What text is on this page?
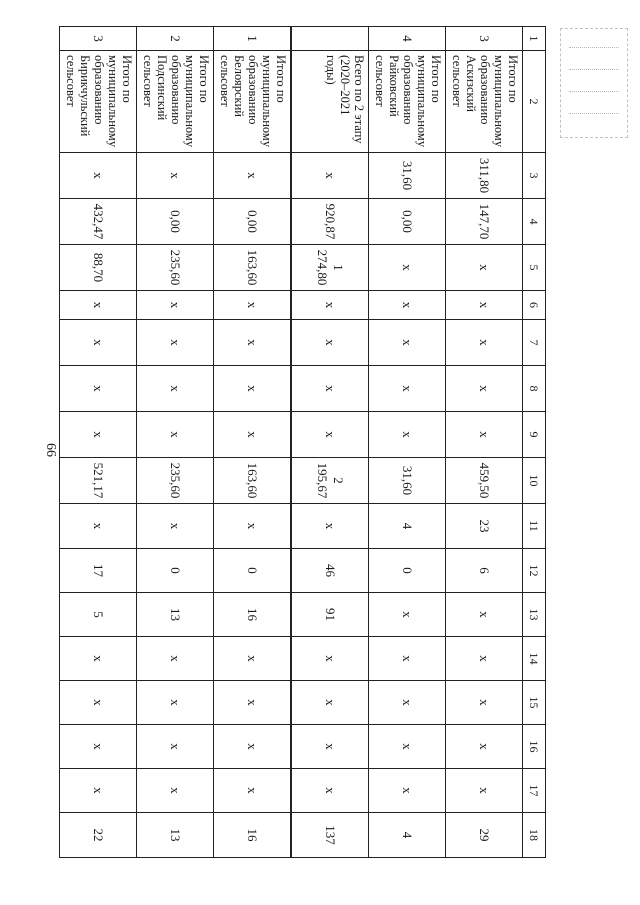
66
1	2	3	4	5	6	7	8	9	10	11	12	13	14	15	16	17	18
3	Итого по муниципальному образованию Аскизский сельсовет	311,80	147,70	х	х	х	х	х	459,50	23	6	х	х	х	х	х	29
4	Итого по муниципальному образованию Райковский сельсовет	31,60	0,00	х	х	х	х	х	31,60	4	0	х	х	х	х	х	4
	Всего по 2 этапу (2020–2021 годы)	х	920,87	1 274,80	х	х	х	х	2 195,67	х	46	91	х	х	х	х	137
1	Итого по муниципальному образованию Белоярский сельсовет	х	0,00	163,60	х	х	х	х	163,60	х	0	16	х	х	х	х	16
2	Итого по муниципальному образованию Подсинский сельсовет	х	0,00	235,60	х	х	х	х	235,60	х	0	13	х	х	х	х	13
3	Итого по муниципальному образованию Бирикчульский сельсовет	х	432,47	88,70	х	х	х	х	521,17	х	17	5	х	х	х	х	22
